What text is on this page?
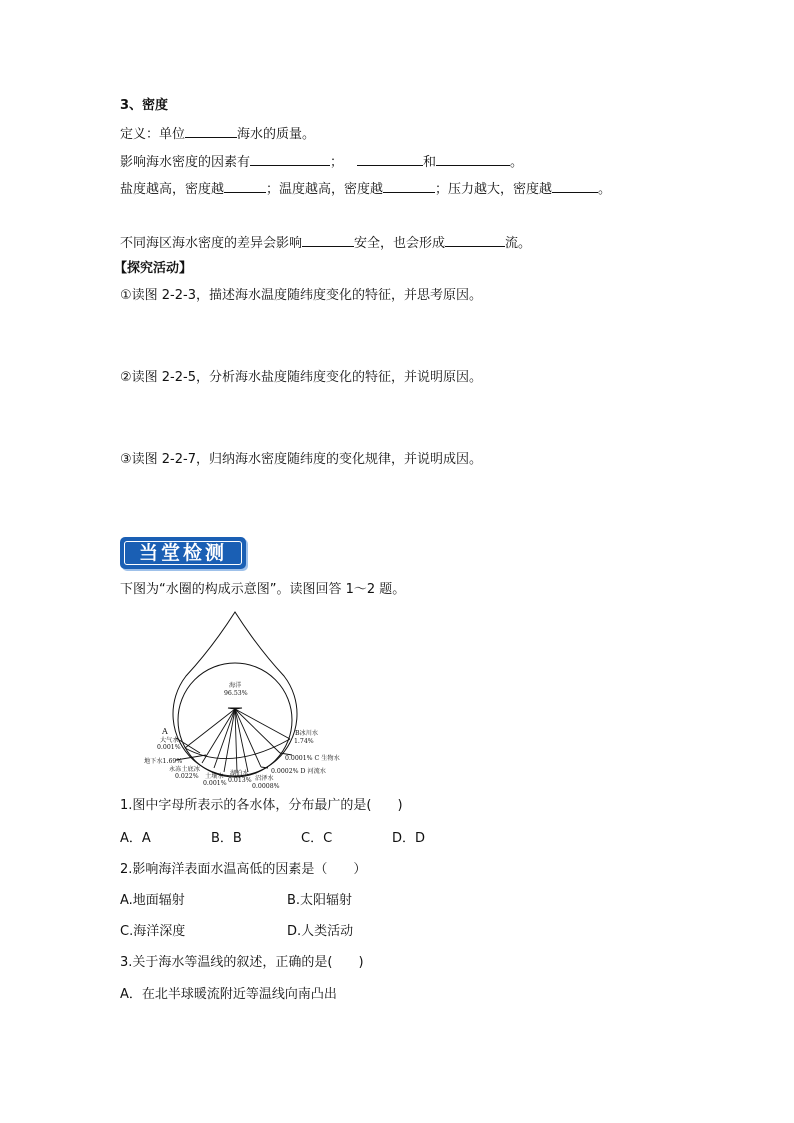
3、密度
定义：单位	海水的质量。
影响海水密度的因素有	；	和	。
盐度越高，密度越	；温度越高，密度越	；压力越大，密度越	。
不同海区海水密度的差异会影响	安全，也会形成	流。
【探究活动】
①读图 2-2-3，描述海水温度随纬度变化的特征，并思考原因。
②读图 2-2-5，分析海水盐度随纬度变化的特征，并说明原因。
③读图 2-2-7，归纳海水密度随纬度的变化规律，并说明成因。
当堂检测
下图为“水圈的构成示意图”。读图回答 1～2 题。
海洋
96.53%
A
大气水
0.001%
B冰川水
1.74%
0.0001% C 生物水
0.0002% D 河流水
地下水1.69%
永冻土底冰
0.022% 土壤水
0.001%
湖泊水
0.013% 沼泽水
0.0008%
1.图中字母所表示的各水体，分布最广的是(　　)
A．A	B．B	C．C	D．D
2.影响海洋表面水温高低的因素是（　　）
A.地面辐射	B.太阳辐射
C.海洋深度	D.人类活动
3.关于海水等温线的叙述，正确的是(　　)
A．在北半球暖流附近等温线向南凸出
